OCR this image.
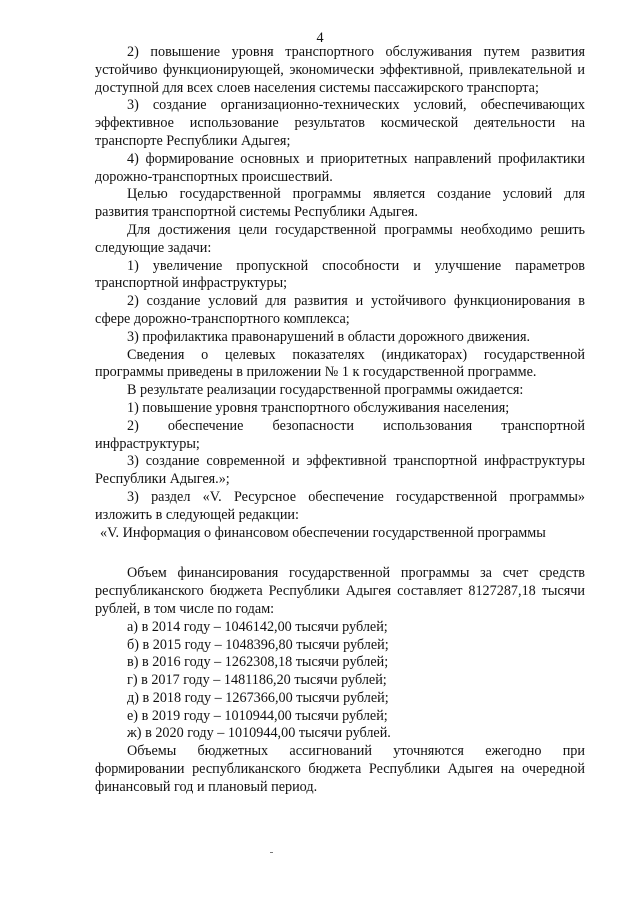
4

2) повышение уровня транспортного обслуживания путем развития устойчиво функционирующей, экономически эффективной, привлекательной и доступной для всех слоев населения системы пассажирского транспорта;

3) создание организационно-технических условий, обеспечивающих эффективное использование результатов космической деятельности на транспорте Республики Адыгея;

4) формирование основных и приоритетных направлений профилактики дорожно-транспортных происшествий.

Целью государственной программы является создание условий для развития транспортной системы Республики Адыгея.

Для достижения цели государственной программы необходимо решить следующие задачи:

1) увеличение пропускной способности и улучшение параметров транспортной инфраструктуры;

2) создание условий для развития и устойчивого функционирования в сфере дорожно-транспортного комплекса;

3) профилактика правонарушений в области дорожного движения.

Сведения о целевых показателях (индикаторах) государственной программы приведены в приложении № 1 к государственной программе.

В результате реализации государственной программы ожидается:

1) повышение уровня транспортного обслуживания населения;

2) обеспечение безопасности использования транспортной инфраструктуры;

3) создание современной и эффективной транспортной инфраструктуры Республики Адыгея.»;

3) раздел «V. Ресурсное обеспечение государственной программы» изложить в следующей редакции:

«V. Информация о финансовом обеспечении государственной программы

Объем финансирования государственной программы за счет средств республиканского бюджета Республики Адыгея составляет 8127287,18 тысячи рублей, в том числе по годам:

а) в 2014 году – 1046142,00 тысячи рублей;

б) в 2015 году – 1048396,80 тысячи рублей;

в) в 2016 году – 1262308,18 тысячи рублей;

г) в 2017 году – 1481186,20 тысячи рублей;

д) в 2018 году – 1267366,00 тысячи рублей;

е) в 2019 году – 1010944,00 тысячи рублей;

ж) в 2020 году – 1010944,00 тысячи рублей.

Объемы бюджетных ассигнований уточняются ежегодно при формировании республиканского бюджета Республики Адыгея на очередной финансовый год и плановый период.
